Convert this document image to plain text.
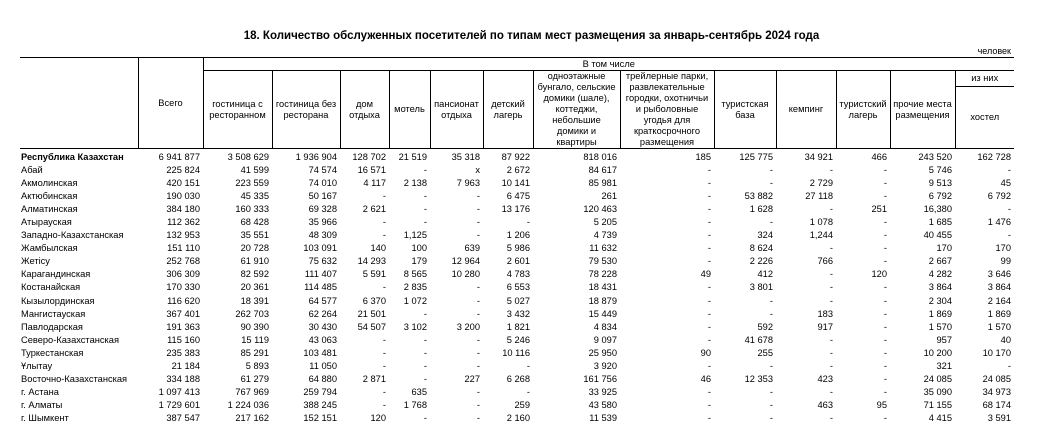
18. Количество обслуженных посетителей по типам мест размещения за январь-сентябрь 2024 года
человек
	Всего	В том числе												
		гостиница с ресторанном	гостиница без ресторана	дом отдыха	мотель	пансионат отдыха	детский лагерь	одноэтажные бунгало, сельские домики (шале), коттеджи, небольшие домики и квартиры	трейлерные парки, развлекательные городки, охотничьи и рыболовные угодья для краткосрочного размещения	туристская база	кемпинг	туристский лагерь	прочие места размещения	из них
														хостел
Республика Казахстан	6 941 877	3 508 629	1 936 904	128 702	21 519	35 318	87 922	818 016	185	125 775	34 921	466	243 520	162 728
Абай	225 824	41 599	74 574	16 571	-	x	2 672	84 617	-	-	-	-	5 746	-
Акмолинская	420 151	223 559	74 010	4 117	2 138	7 963	10 141	85 981	-	-	2 729	-	9 513	45
Актюбинская	190 030	45 335	50 167	-	-	-	6 475	261	-	53 882	27 118	-	6 792	6 792
Алматинская	384 180	160 333	69 328	2 621	-	-	13 176	120 463	-	1 628	-	251	16,380	-
Атырауская	112 362	68 428	35 966	-	-	-	-	5 205	-	-	1 078	-	1 685	1 476
Западно-Казахстанская	132 953	35 551	48 309	-	1,125	-	1 206	4 739	-	324	1,244	-	40 455	-
Жамбылская	151 110	20 728	103 091	140	100	639	5 986	11 632	-	8 624	-	-	170	170
Жетісу	252 768	61 910	75 632	14 293	179	12 964	2 601	79 530	-	2 226	766	-	2 667	99
Карагандинская	306 309	82 592	111 407	5 591	8 565	10 280	4 783	78 228	49	412	-	120	4 282	3 646
Костанайская	170 330	20 361	114 485	-	2 835	-	6 553	18 431	-	3 801	-	-	3 864	3 864
Кызылординская	116 620	18 391	64 577	6 370	1 072	-	5 027	18 879	-	-	-	-	2 304	2 164
Мангистауская	367 401	262 703	62 264	21 501	-	-	3 432	15 449	-	-	183	-	1 869	1 869
Павлодарская	191 363	90 390	30 430	54 507	3 102	3 200	1 821	4 834	-	592	917	-	1 570	1 570
Северо-Казахстанская	115 160	15 119	43 063	-	-	-	5 246	9 097	-	41 678	-	-	957	40
Туркестанская	235 383	85 291	103 481	-	-	-	10 116	25 950	90	255	-	-	10 200	10 170
Ұлытау	21 184	5 893	11 050	-	-	-	-	3 920	-	-	-	-	321	-
Восточно-Казахстанская	334 188	61 279	64 880	2 871	-	227	6 268	161 756	46	12 353	423	-	24 085	24 085
г. Астана	1 097 413	767 969	259 794	-	635	-	-	33 925	-	-	-	-	35 090	34 973
г. Алматы	1 729 601	1 224 036	388 245	-	1 768	-	259	43 580	-	-	463	95	71 155	68 174
г. Шымкент	387 547	217 162	152 151	120	-	-	2 160	11 539	-	-	-	-	4 415	3 591
